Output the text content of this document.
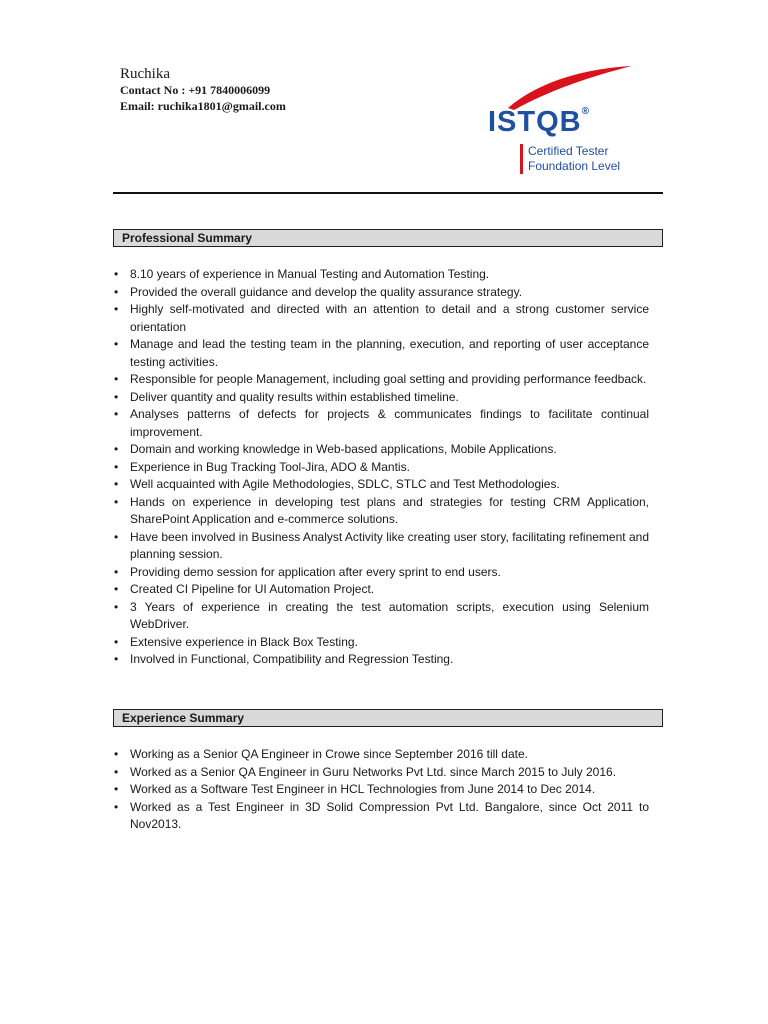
Ruchika
Contact No : +91 7840006099
Email: ruchika1801@gmail.com	ISTQB®
Certified Tester
Foundation Level
Professional Summary
• 8.10 years of experience in Manual Testing and Automation Testing.
• Provided the overall guidance and develop the quality assurance strategy.
• Highly self-motivated and directed with an attention to detail and a strong customer service orientation
• Manage and lead the testing team in the planning, execution, and reporting of user acceptance testing activities.
• Responsible for people Management, including goal setting and providing performance feedback.
• Deliver quantity and quality results within established timeline.
• Analyses patterns of defects for projects & communicates findings to facilitate continual improvement.
• Domain and working knowledge in Web-based applications, Mobile Applications.
• Experience in Bug Tracking Tool-Jira, ADO & Mantis.
• Well acquainted with Agile Methodologies, SDLC, STLC and Test Methodologies.
• Hands on experience in developing test plans and strategies for testing CRM Application, SharePoint Application and e-commerce solutions.
• Have been involved in Business Analyst Activity like creating user story, facilitating refinement and planning session.
• Providing demo session for application after every sprint to end users.
• Created CI Pipeline for UI Automation Project.
• 3 Years of experience in creating the test automation scripts, execution using Selenium WebDriver.
• Extensive experience in Black Box Testing.
• Involved in Functional, Compatibility and Regression Testing.
Experience Summary
• Working as a Senior QA Engineer in Crowe since September 2016 till date.
• Worked as a Senior QA Engineer in Guru Networks Pvt Ltd. since March 2015 to July 2016.
• Worked as a Software Test Engineer in HCL Technologies from June 2014 to Dec 2014.
• Worked as a Test Engineer in 3D Solid Compression Pvt Ltd. Bangalore, since Oct 2011 to Nov2013.
